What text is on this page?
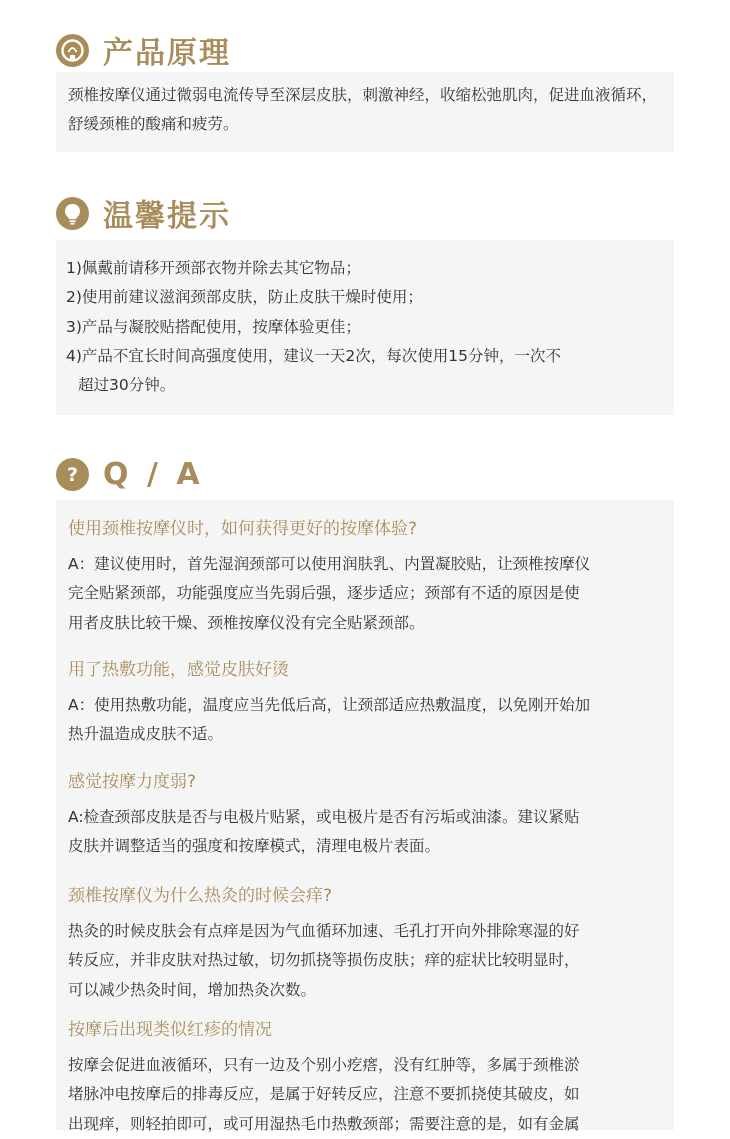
产品原理
颈椎按摩仪通过微弱电流传导至深层皮肤，刺激神经，收缩松弛肌肉，促进血液循环，舒缓颈椎的酸痛和疲劳。
温馨提示
1)佩戴前请移开颈部衣物并除去其它物品；
2)使用前建议滋润颈部皮肤，防止皮肤干燥时使用；
3)产品与凝胶贴搭配使用，按摩体验更佳；
4)产品不宜长时间高强度使用，建议一天2次，每次使用15分钟，一次不
超过30分钟。
? Q / A
使用颈椎按摩仪时，如何获得更好的按摩体验?
A：建议使用时，首先湿润颈部可以使用润肤乳、内置凝胶贴，让颈椎按摩仪
完全贴紧颈部，功能强度应当先弱后强，逐步适应；颈部有不适的原因是使
用者皮肤比较干燥、颈椎按摩仪没有完全贴紧颈部。
用了热敷功能，感觉皮肤好烫
A：使用热敷功能，温度应当先低后高，让颈部适应热敷温度，以免刚开始加
热升温造成皮肤不适。
感觉按摩力度弱?
A:检查颈部皮肤是否与电极片贴紧，或电极片是否有污垢或油漆。建议紧贴
皮肤并调整适当的强度和按摩模式，清理电极片表面。
颈椎按摩仪为什么热灸的时候会痒?
热灸的时候皮肤会有点痒是因为气血循环加速、毛孔打开向外排除寒湿的好
转反应，并非皮肤对热过敏，切勿抓挠等损伤皮肤；痒的症状比较明显时，
可以减少热灸时间，增加热灸次数。
按摩后出现类似红疹的情况
按摩会促进血液循环，只有一边及个别小疙瘩，没有红肿等，多属于颈椎淤
堵脉冲电按摩后的排毒反应，是属于好转反应，注意不要抓挠使其破皮，如
出现痒，则轻拍即可，或可用湿热毛巾热敷颈部；需要注意的是，如有金属
